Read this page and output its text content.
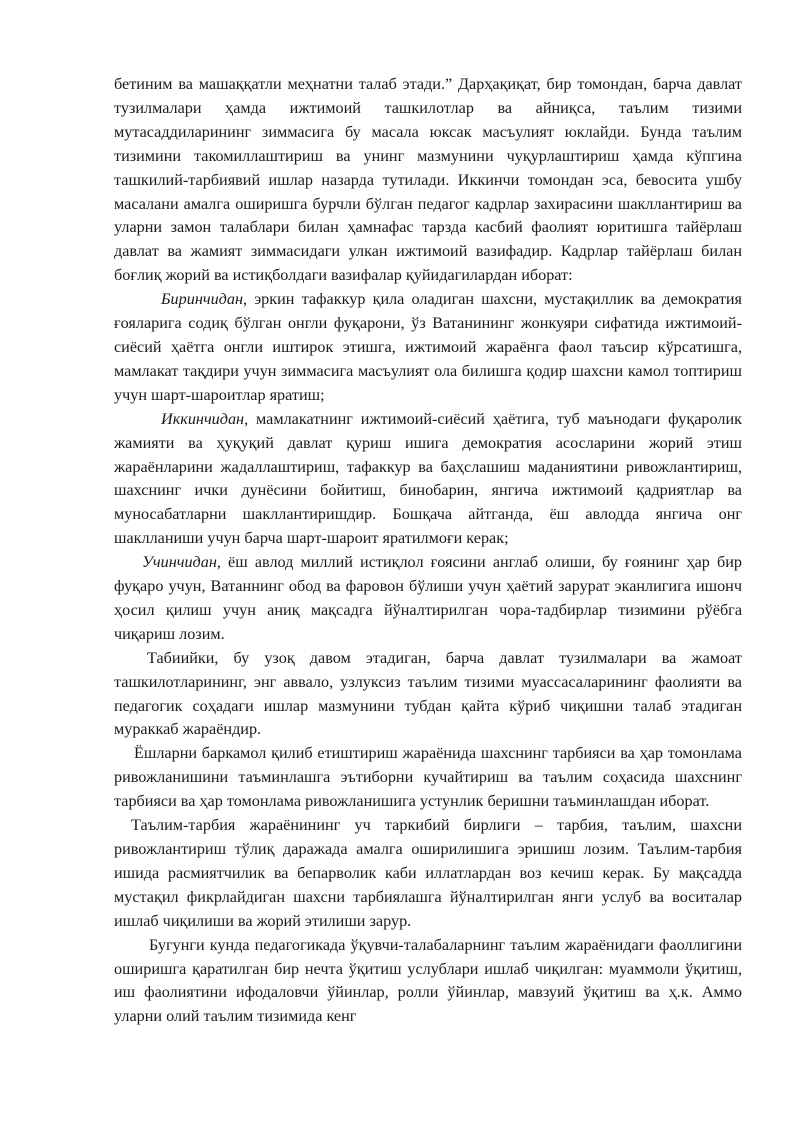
бетиним ва машаққатли меҳнатни талаб этади.” Дарҳақиқат, бир томондан, барча давлат тузилмалари ҳамда ижтимоий ташкилотлар ва айниқса, таълим тизими мутасаддиларининг зиммасига бу масала юксак масъулият юклайди. Бунда таълим тизимини такомиллаштириш ва унинг мазмунини чуқурлаштириш ҳамда кўпгина ташкилий-тарбиявий ишлар назарда тутилади. Иккинчи томондан эса, бевосита ушбу масалани амалга оширишга бурчли бўлган педагог кадрлар захирасини шакллантириш ва уларни замон талаблари билан ҳамнафас тарзда касбий фаолият юритишга тайёрлаш давлат ва жамият зиммасидаги улкан ижтимоий вазифадир. Кадрлар тайёрлаш билан боғлиқ жорий ва истиқболдаги вазифалар қуйидагилардан иборат:

Биринчидан, эркин тафаккур қила оладиган шахсни, мустақиллик ва демократия ғояларига содиқ бўлган онгли фуқарони, ўз Ватанининг жонкуяри сифатида ижтимоий-сиёсий ҳаётга онгли иштирок этишга, ижтимоий жараёнга фаол таъсир кўрсатишга, мамлакат тақдири учун зиммасига масъулият ола билишга қодир шахсни камол топтириш учун шарт-шароитлар яратиш;

Иккинчидан, мамлакатнинг ижтимоий-сиёсий ҳаётига, туб маънодаги фуқаролик жамияти ва ҳуқуқий давлат қуриш ишига демократия асосларини жорий этиш жараёнларини жадаллаштириш, тафаккур ва баҳслашиш маданиятини ривожлантириш, шахснинг ички дунёсини бойитиш, бинобарин, янгича ижтимоий қадриятлар ва муносабатларни шакллантиришдир. Бошқача айтганда, ёш авлодда янгича онг шаклланиши учун барча шарт-шароит яратилмоғи керак;

Учинчидан, ёш авлод миллий истиқлол ғоясини англаб олиши, бу ғоянинг ҳар бир фуқаро учун, Ватаннинг обод ва фаровон бўлиши учун ҳаётий зарурат эканлигига ишонч ҳосил қилиш учун аниқ мақсадга йўналтирилган чора-тадбирлар тизимини рўёбга чиқариш лозим.

Табиийки, бу узоқ давом этадиган, барча давлат тузилмалари ва жамоат ташкилотларининг, энг аввало, узлуксиз таълим тизими муассасаларининг фаолияти ва педагогик соҳадаги ишлар мазмунини тубдан қайта кўриб чиқишни талаб этадиган мураккаб жараёндир.

Ёшларни баркамол қилиб етиштириш жараёнида шахснинг тарбияси ва ҳар томонлама ривожланишини таъминлашга эътиборни кучайтириш ва таълим соҳасида шахснинг тарбияси ва ҳар томонлама ривожланишига устунлик беришни таъминлашдан иборат.

Таълим-тарбия жараёнининг уч таркибий бирлиги – тарбия, таълим, шахсни ривожлантириш тўлиқ даражада амалга оширилишига эришиш лозим. Таълим-тарбия ишида расмиятчилик ва бепарволик каби иллатлардан воз кечиш керак. Бу мақсадда мустақил фикрлайдиган шахсни тарбиялашга йўналтирилган янги услуб ва воситалар ишлаб чиқилиши ва жорий этилиши зарур.

Бугунги кунда педагогикада ўқувчи-талабаларнинг таълим жараёнидаги фаоллигини оширишга қаратилган бир нечта ўқитиш услублари ишлаб чиқилган: муаммоли ўқитиш, иш фаолиятини ифодаловчи ўйинлар, ролли ўйинлар, мавзуий ўқитиш ва ҳ.к. Аммо уларни олий таълим тизимида кенг
